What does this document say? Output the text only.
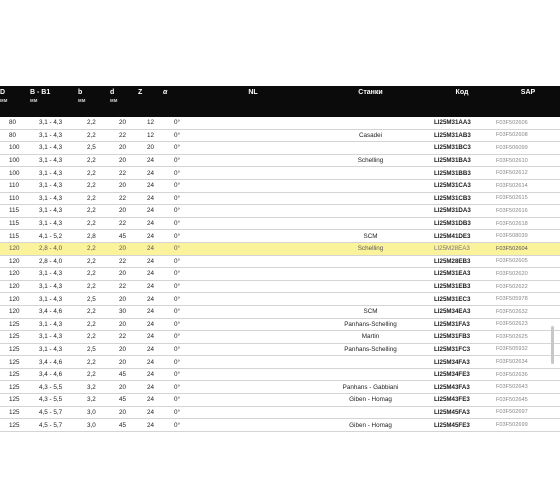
D	B - B1	b	d	Z	α	NL	Станки	Код	SAP
мм	мм	мм	мм						
80	3,1 - 4,3	2,2	20	12	0°			LI25M31AA3	F03F502606
80	3,1 - 4,3	2,2	22	12	0°		Casadei	LI25M31AB3	F03F502608
100	3,1 - 4,3	2,5	20	20	0°			LI25M31BC3	F03F506099
100	3,1 - 4,3	2,2	20	24	0°		Schelling	LI25M31BA3	F03F502610
100	3,1 - 4,3	2,2	22	24	0°			LI25M31BB3	F03F502612
110	3,1 - 4,3	2,2	20	24	0°			LI25M31CA3	F03F502614
110	3,1 - 4,3	2,2	22	24	0°			LI25M31CB3	F03F502615
115	3,1 - 4,3	2,2	20	24	0°			LI25M31DA3	F03F502616
115	3,1 - 4,3	2,2	22	24	0°			LI25M31DB3	F03F502618
115	4,1 - 5,2	2,8	45	24	0°		SCM	LI25M41DE3	F03F508039
120	2,8 - 4,0	2,2	20	24	0°		Schelling	LI25M28EA3	F03F502604
120	2,8 - 4,0	2,2	22	24	0°			LI25M28EB3	F03F502605
120	3,1 - 4,3	2,2	20	24	0°			LI25M31EA3	F03F502620
120	3,1 - 4,3	2,2	22	24	0°			LI25M31EB3	F03F502622
120	3,1 - 4,3	2,5	20	24	0°			LI25M31EC3	F03F505978
120	3,4 - 4,6	2,2	30	24	0°		SCM	LI25M34EA3	F03F502632
125	3,1 - 4,3	2,2	20	24	0°		Panhans-Schelling	LI25M31FA3	F03F502623
125	3,1 - 4,3	2,2	22	24	0°		Martin	LI25M31FB3	F03F502625
125	3,1 - 4,3	2,5	20	24	0°		Panhans-Schelling	LI25M31FC3	F03F505932
125	3,4 - 4,6	2,2	20	24	0°			LI25M34FA3	F03F502634
125	3,4 - 4,6	2,2	45	24	0°			LI25M34FE3	F03F502636
125	4,3 - 5,5	3,2	20	24	0°		Panhans - Gabbiani	LI25M43FA3	F03F502643
125	4,3 - 5,5	3,2	45	24	0°		Giben - Homag	LI25M43FE3	F03F502645
125	4,5 - 5,7	3,0	20	24	0°			LI25M45FA3	F03F502697
125	4,5 - 5,7	3,0	45	24	0°		Giben - Homag	LI25M45FE3	F03F502699
